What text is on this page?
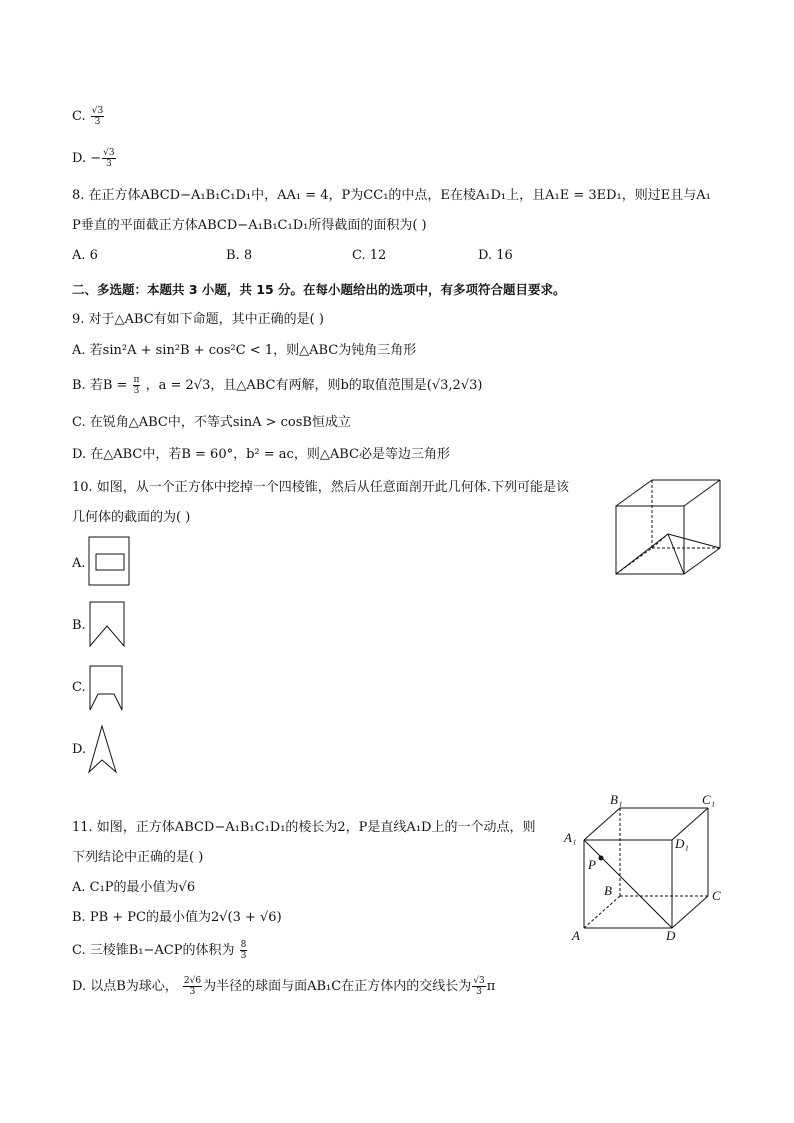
C. $\frac{√3}{3}$
D. − $\frac{√3}{3}$
8. 在正方体ABCD−A₁B₁C₁D₁中，AA₁ = 4，P为CC₁的中点，E在棱A₁D₁上，且A₁E = 3ED₁，则过E且与A₁
P垂直的平面截正方体ABCD−A₁B₁C₁D₁所得截面的面积为( )
A. 6	B. 8	C. 12	D. 16
二、多选题：本题共 3 小题，共 15 分。在每小题给出的选项中，有多项符合题目要求。
9. 对于△ABC有如下命题，其中正确的是( )
A. 若sin²A + sin²B + cos²C < 1，则△ABC为钝角三角形
B. 若$B = \frac{\pi}{3}$ ，a = 2√3，且△ABC有两解，则b的取值范围是(√3,2√3)
C. 在锐角△ABC中，不等式sinA > cosB恒成立
D. 在△ABC中，若B = 60°，b² = ac，则△ABC必是等边三角形
10. 如图，从一个正方体中挖掉一个四棱锥，然后从任意面剖开此几何体.下列可能是该
几何体的截面的为( )
A.
B.
C.
D.
11. 如图，正方体ABCD−A₁B₁C₁D₁的棱长为2，P是直线A₁D上的一个动点，则
下列结论中正确的是( )
A. C₁P的最小值为√6
B. PB + PC的最小值为2√(3 + √6)
C. 三棱锥B₁−ACP的体积为 $\frac{8}{3}$
D. 以点B为球心， $\frac{2√6}{3}$ 为半径的球面与面AB₁C在正方体内的交线长为 $\frac{√3}{3}$ π
B₁	C₁
A₁	D₁
P
B	C
A	D
